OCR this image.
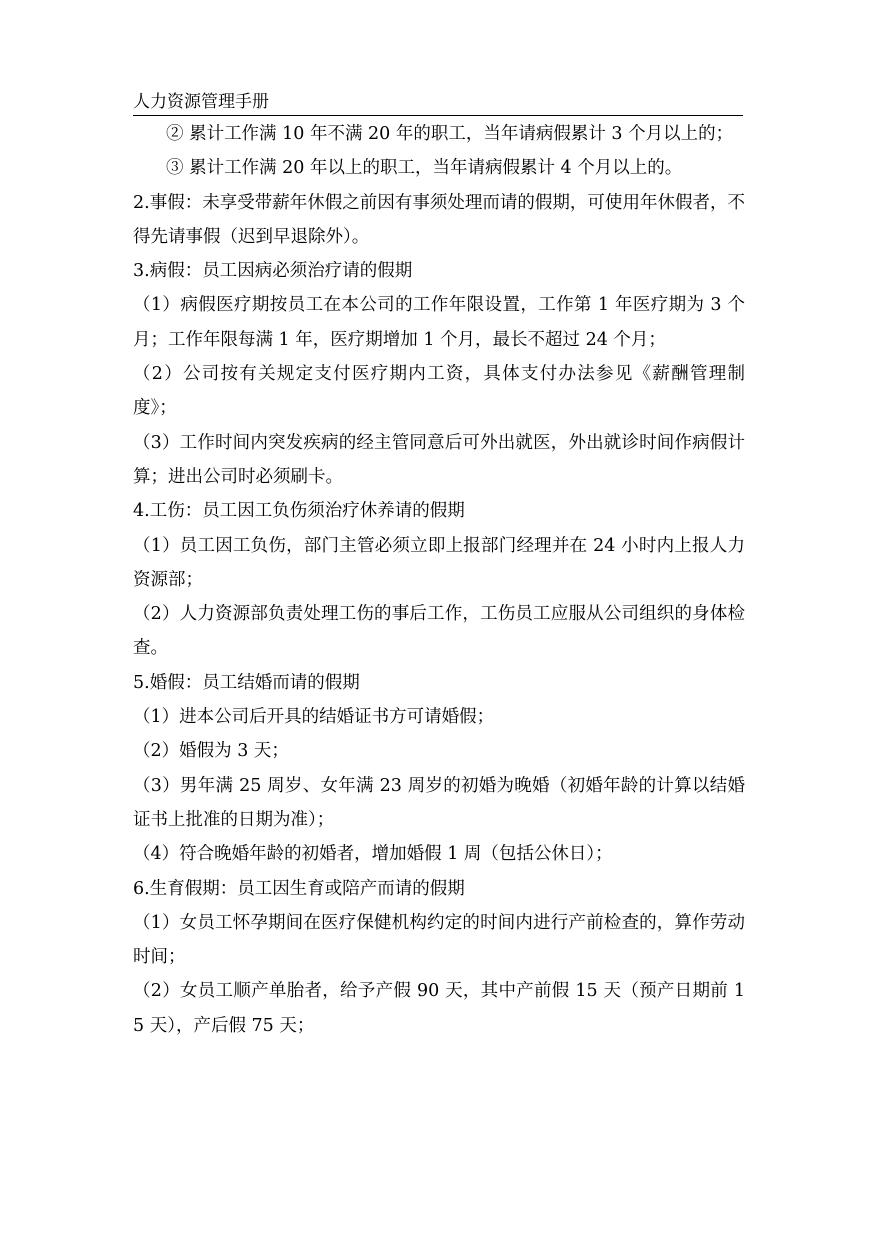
人力资源管理手册

② 累计工作满 10 年不满 20 年的职工，当年请病假累计 3 个月以上的；

③ 累计工作满 20 年以上的职工，当年请病假累计 4 个月以上的。

2.事假：未享受带薪年休假之前因有事须处理而请的假期，可使用年休假者，不得先请事假（迟到早退除外）。

3.病假：员工因病必须治疗请的假期

（1）病假医疗期按员工在本公司的工作年限设置，工作第 1 年医疗期为 3 个月；工作年限每满 1 年，医疗期增加 1 个月，最长不超过 24 个月；

（2）公司按有关规定支付医疗期内工资，具体支付办法参见《薪酬管理制度》；

（3）工作时间内突发疾病的经主管同意后可外出就医，外出就诊时间作病假计算；进出公司时必须刷卡。

4.工伤：员工因工负伤须治疗休养请的假期

（1）员工因工负伤，部门主管必须立即上报部门经理并在 24 小时内上报人力资源部；

（2）人力资源部负责处理工伤的事后工作，工伤员工应服从公司组织的身体检查。

5.婚假：员工结婚而请的假期

（1）进本公司后开具的结婚证书方可请婚假；

（2）婚假为 3 天；

（3）男年满 25 周岁、女年满 23 周岁的初婚为晚婚（初婚年龄的计算以结婚证书上批准的日期为准）；

（4）符合晚婚年龄的初婚者，增加婚假 1 周（包括公休日）；

6.生育假期：员工因生育或陪产而请的假期

（1）女员工怀孕期间在医疗保健机构约定的时间内进行产前检查的，算作劳动时间；

（2）女员工顺产单胎者，给予产假 90 天，其中产前假 15 天（预产日期前 15 天），产后假 75 天；
